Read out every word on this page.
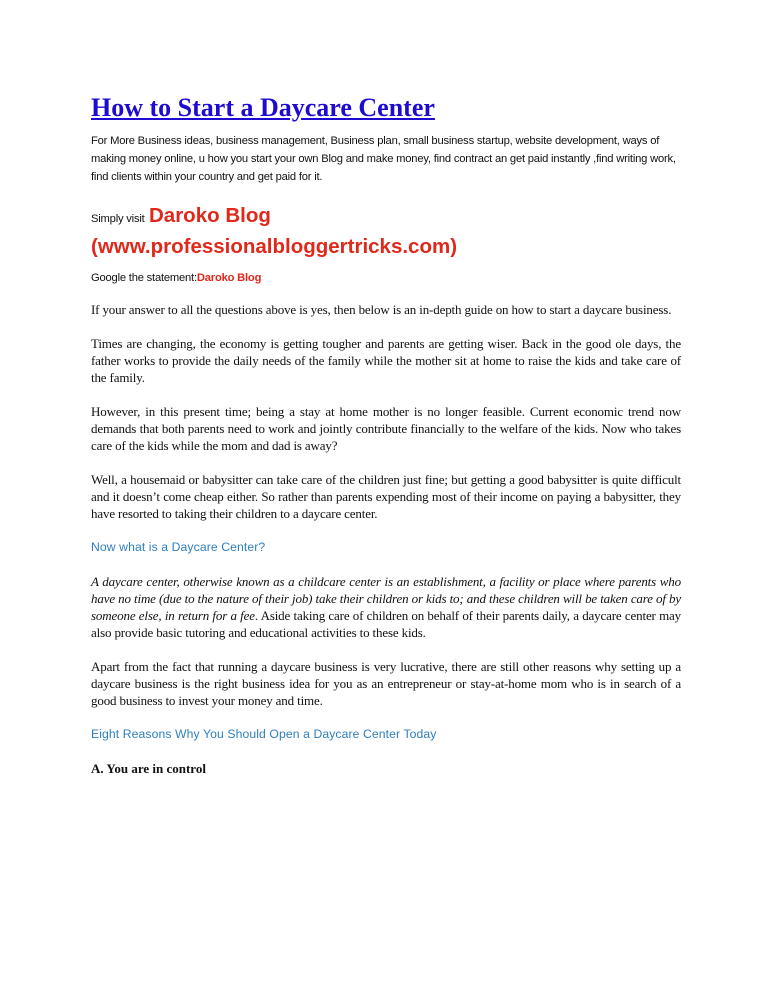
How to Start a Daycare Center

For More Business ideas, business management, Business plan, small business startup, website development, ways of making money online, u how you start your own Blog and make money, find contract an get paid instantly ,find writing work, find clients within your country and get paid for it.

Simply visit Daroko Blog

(www.professionalbloggertricks.com)

Google the statement:Daroko Blog

If your answer to all the questions above is yes, then below is an in-depth guide on how to start a daycare business.

Times are changing, the economy is getting tougher and parents are getting wiser. Back in the good ole days, the father works to provide the daily needs of the family while the mother sit at home to raise the kids and take care of the family.

However, in this present time; being a stay at home mother is no longer feasible. Current economic trend now demands that both parents need to work and jointly contribute financially to the welfare of the kids. Now who takes care of the kids while the mom and dad is away?

Well, a housemaid or babysitter can take care of the children just fine; but getting a good babysitter is quite difficult and it doesn’t come cheap either. So rather than parents expending most of their income on paying a babysitter, they have resorted to taking their children to a daycare center.

Now what is a Daycare Center?

A daycare center, otherwise known as a childcare center is an establishment, a facility or place where parents who have no time (due to the nature of their job) take their children or kids to; and these children will be taken care of by someone else, in return for a fee. Aside taking care of children on behalf of their parents daily, a daycare center may also provide basic tutoring and educational activities to these kids.

Apart from the fact that running a daycare business is very lucrative, there are still other reasons why setting up a daycare business is the right business idea for you as an entrepreneur or stay-at-home mom who is in search of a good business to invest your money and time.

Eight Reasons Why You Should Open a Daycare Center Today

A. You are in control
